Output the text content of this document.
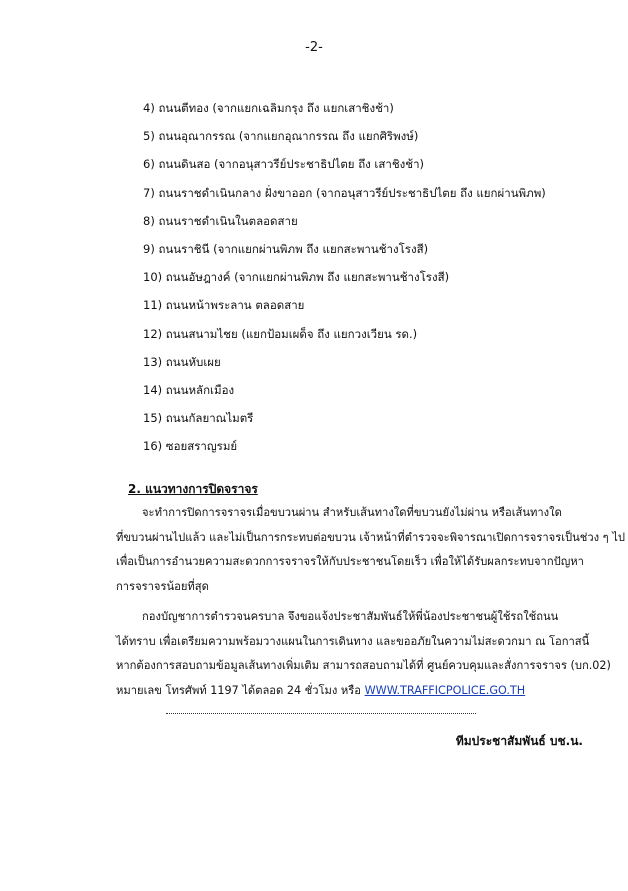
-2-
4) ถนนตีทอง (จากแยกเฉลิมกรุง ถึง แยกเสาชิงช้า)
5) ถนนอุณากรรณ (จากแยกอุณากรรณ ถึง แยกศิริพงษ์)
6) ถนนดินสอ (จากอนุสาวรีย์ประชาธิปไตย ถึง เสาชิงช้า)
7) ถนนราชดำเนินกลาง ฝั่งขาออก (จากอนุสาวรีย์ประชาธิปไตย ถึง แยกผ่านพิภพ)
8) ถนนราชดำเนินในตลอดสาย
9) ถนนราชินี (จากแยกผ่านพิภพ ถึง แยกสะพานช้างโรงสี)
10) ถนนอัษฎางค์ (จากแยกผ่านพิภพ ถึง แยกสะพานช้างโรงสี)
11) ถนนหน้าพระลาน ตลอดสาย
12) ถนนสนามไชย (แยกป้อมเผด็จ ถึง แยกวงเวียน รด.)
13) ถนนหับเผย
14) ถนนหลักเมือง
15) ถนนกัลยาณไมตรี
16) ซอยสราญรมย์
2. แนวทางการปิดจราจร
จะทำการปิดการจราจรเมื่อขบวนผ่าน สำหรับเส้นทางใดที่ขบวนยังไม่ผ่าน หรือเส้นทางใด
ที่ขบวนผ่านไปแล้ว และไม่เป็นการกระทบต่อขบวน เจ้าหน้าที่ตำรวจจะพิจารณาเปิดการจราจรเป็นช่วง ๆ ไป
เพื่อเป็นการอำนวยความสะดวกการจราจรให้กับประชาชนโดยเร็ว เพื่อให้ได้รับผลกระทบจากปัญหา
การจราจรน้อยที่สุด
กองบัญชาการตำรวจนครบาล จึงขอแจ้งประชาสัมพันธ์ให้พี่น้องประชาชนผู้ใช้รถใช้ถนน
ได้ทราบ เพื่อเตรียมความพร้อมวางแผนในการเดินทาง และขออภัยในความไม่สะดวกมา ณ โอกาสนี้
หากต้องการสอบถามข้อมูลเส้นทางเพิ่มเติม สามารถสอบถามได้ที่ ศูนย์ควบคุมและสั่งการจราจร (บก.02)
หมายเลข โทรศัพท์ 1197 ได้ตลอด 24 ชั่วโมง หรือ WWW.TRAFFICPOLICE.GO.TH
ทีมประชาสัมพันธ์ บช.น.
